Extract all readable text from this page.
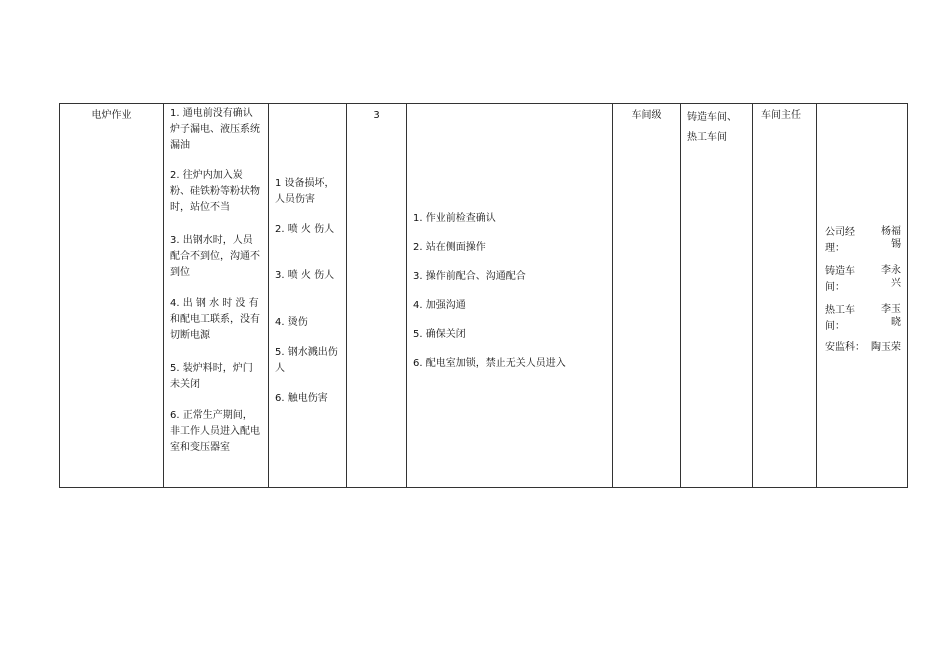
电炉作业	1. 通电前没有确认炉子漏电、液压系统漏油
2. 往炉内加入炭粉、硅铁粉等粉状物时，站位不当
3. 出钢水时，人员配合不到位，沟通不到位
4. 出 钢 水 时 没 有和配电工联系，没有切断电源
5. 装炉料时，炉门未关闭
6. 正常生产期间，非工作人员进入配电室和变压器室
1 设备损坏，人员伤害
2. 喷 火 伤人
3. 喷 火 伤人
4. 烫伤
5. 钢水溅出伤人
6. 触电伤害
3
1. 作业前检查确认
2. 站在侧面操作
3. 操作前配合、沟通配合
4. 加强沟通
5. 确保关闭
6. 配电室加锁，禁止无关人员进入
车间级	铸造车间、
热工车间
车间主任
公司经理：
杨福锡
铸造车间：
李永兴
热工车间：
李玉晓
安监科： 陶玉荣
